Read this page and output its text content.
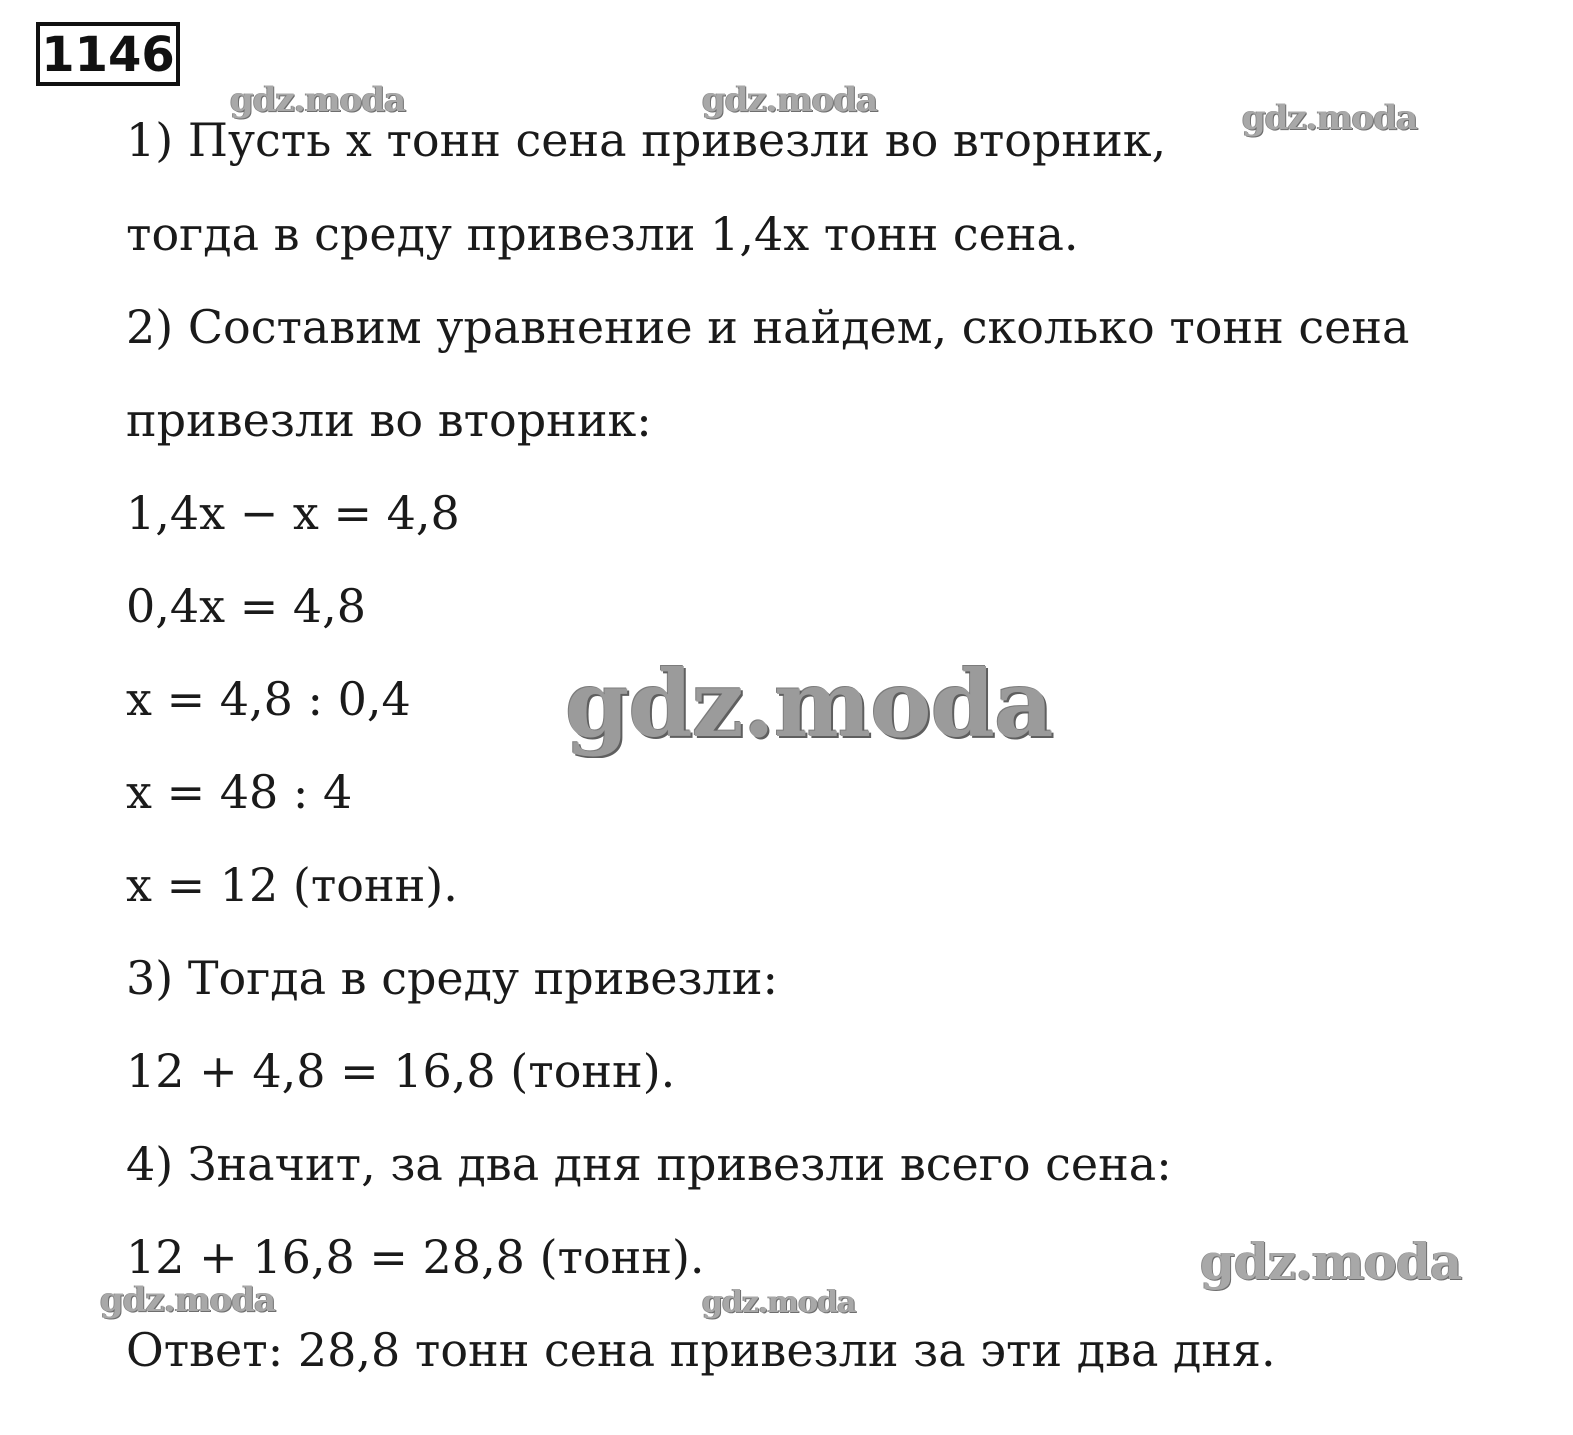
1146
1) Пусть x тонн сена привезли во вторник,
тогда в среду привезли 1,4x тонн сена.
2) Составим уравнение и найдем, сколько тонн сена
привезли во вторник:
1,4x − x = 4,8
0,4x = 4,8
x = 4,8 : 0,4
x = 48 : 4
x = 12 (тонн).
3) Тогда в среду привезли:
12 + 4,8 = 16,8 (тонн).
4) Значит, за два дня привезли всего сена:
12 + 16,8 = 28,8 (тонн).
Ответ: 28,8 тонн сена привезли за эти два дня.
gdz.moda	gdz.moda	gdz.moda
gdz.moda
gdz.moda
gdz.moda	gdz.moda
